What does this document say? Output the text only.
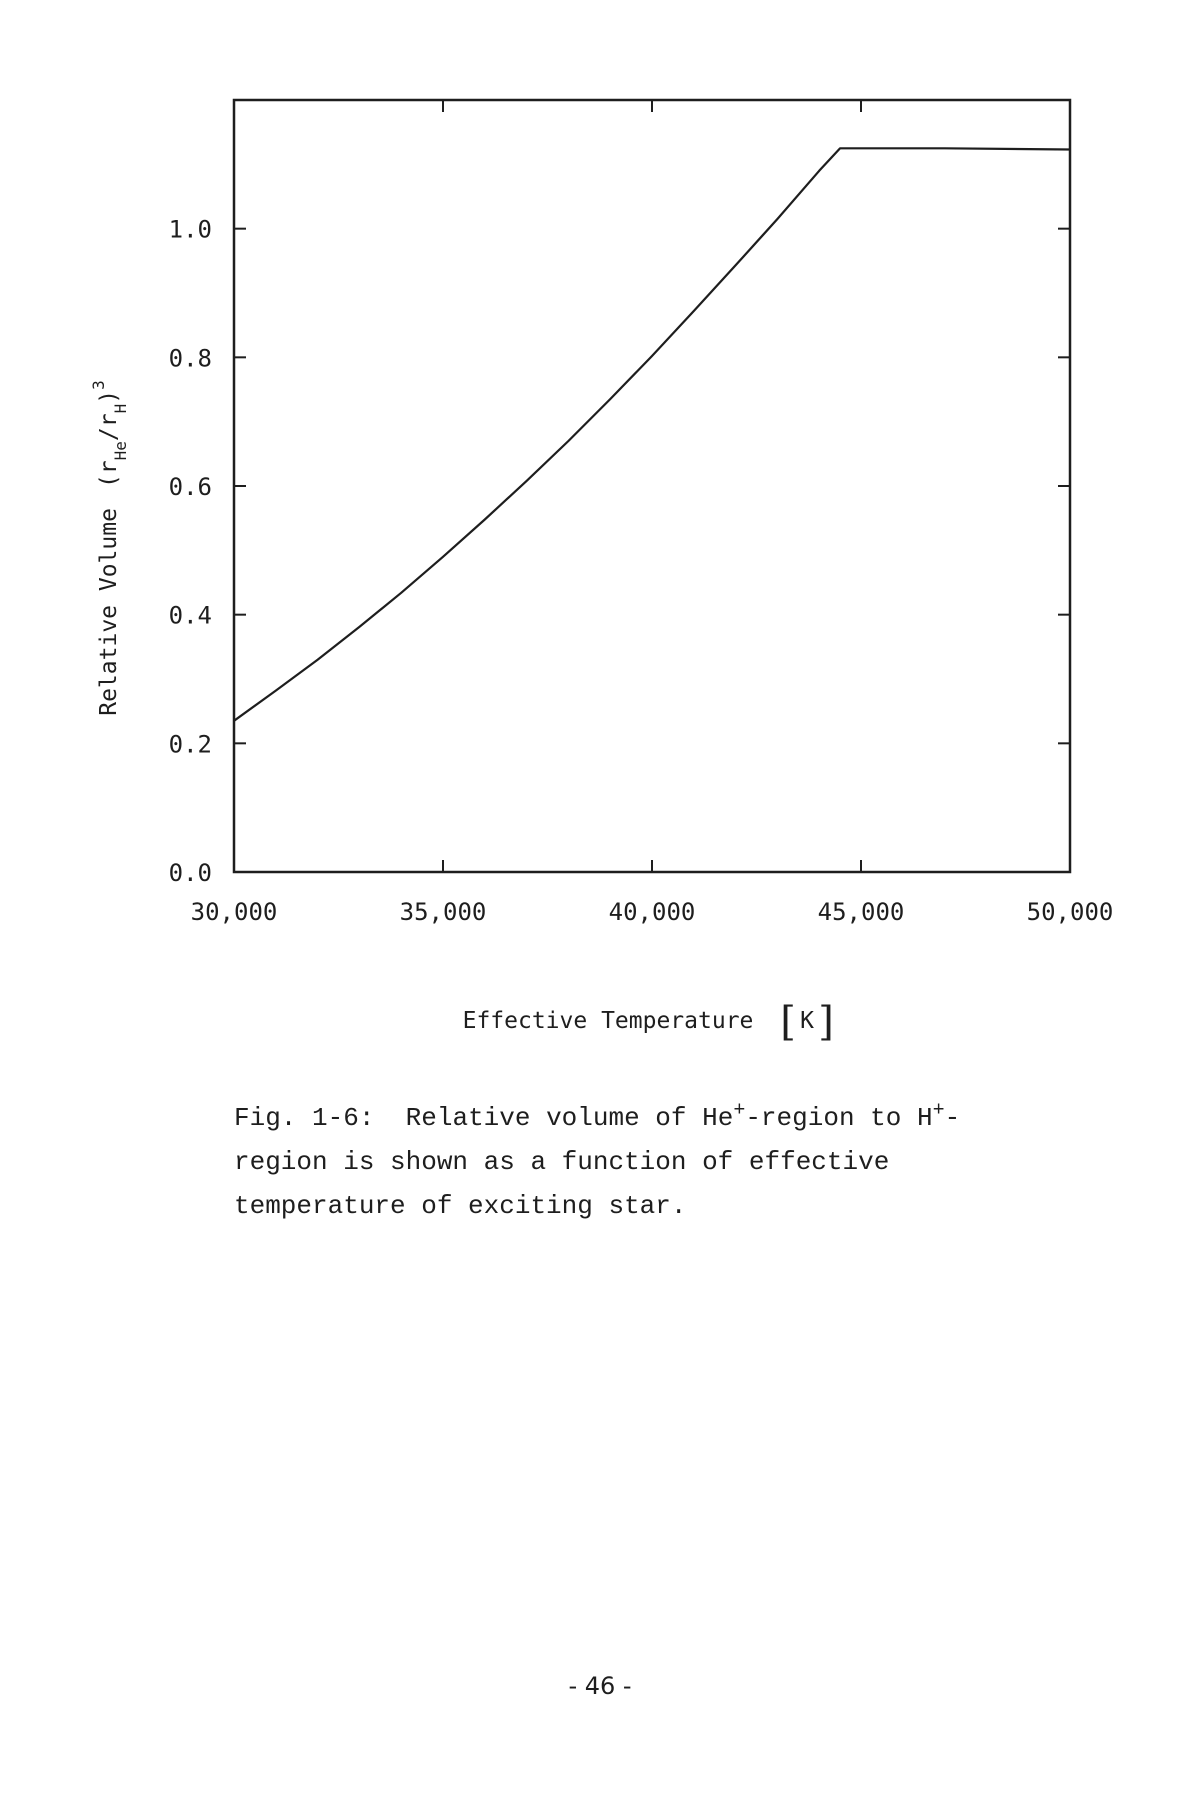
0.0
0.2
0.4
0.6
0.8
1.0
30,000	35,000	40,000	45,000	50,000
Relative $Volume(r_{He}/r_H)^3$
Effective Temperature [ K ]
Fig. 1-6: Relative volume of He+-region to H+-
region is shown as a function of effective
temperature of exciting star.
- 46 -
